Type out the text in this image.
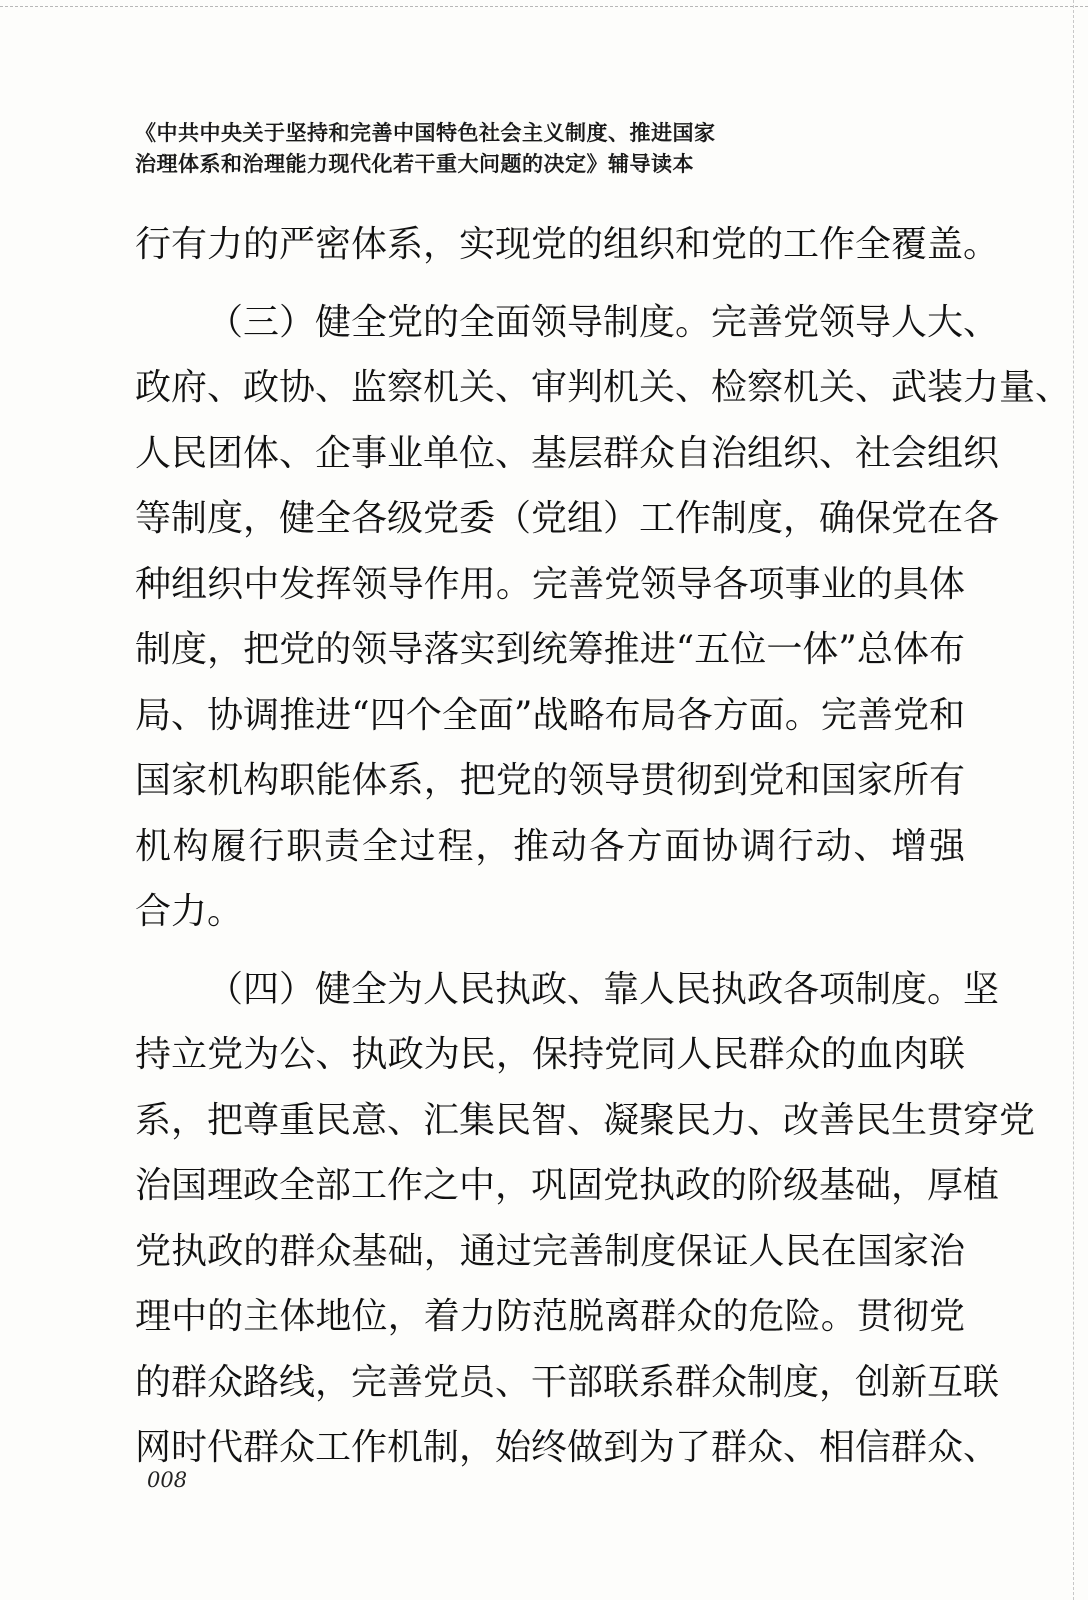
《中共中央关于坚持和完善中国特色社会主义制度、推进国家
治理体系和治理能力现代化若干重大问题的决定》辅导读本
行有力的严密体系，实现党的组织和党的工作全覆盖。
（三）健全党的全面领导制度。完善党领导人大、
政府、政协、监察机关、审判机关、检察机关、武装力量、
人民团体、企事业单位、基层群众自治组织、社会组织
等制度，健全各级党委（党组）工作制度，确保党在各
种组织中发挥领导作用。完善党领导各项事业的具体
制度，把党的领导落实到统筹推进“五位一体”总体布
局、协调推进“四个全面”战略布局各方面。完善党和
国家机构职能体系，把党的领导贯彻到党和国家所有
机构履行职责全过程，推动各方面协调行动、增强
合力。
（四）健全为人民执政、靠人民执政各项制度。坚
持立党为公、执政为民，保持党同人民群众的血肉联
系，把尊重民意、汇集民智、凝聚民力、改善民生贯穿党
治国理政全部工作之中，巩固党执政的阶级基础，厚植
党执政的群众基础，通过完善制度保证人民在国家治
理中的主体地位，着力防范脱离群众的危险。贯彻党
的群众路线，完善党员、干部联系群众制度，创新互联
网时代群众工作机制，始终做到为了群众、相信群众、
008
